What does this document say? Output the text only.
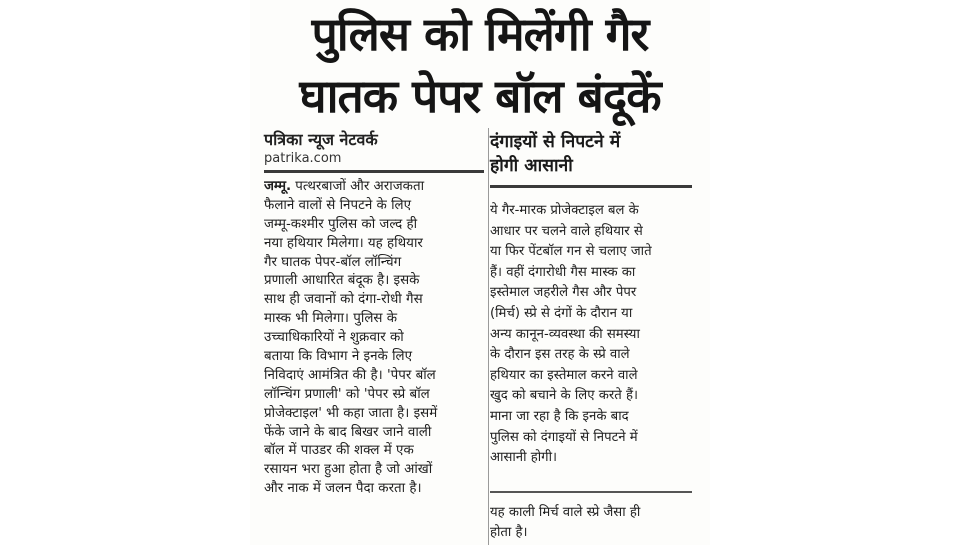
पुलिस को मिलेंगी गैर
घातक पेपर बॉल बंदूकें
पत्रिका न्यूज नेटवर्क
patrika.com
जम्मू. पत्थरबाजों और अराजकता
फैलाने वालों से निपटने के लिए
जम्मू-कश्मीर पुलिस को जल्द ही
नया हथियार मिलेगा। यह हथियार
गैर घातक पेपर-बॉल लॉन्चिंग
प्रणाली आधारित बंदूक है। इसके
साथ ही जवानों को दंगा-रोधी गैस
मास्क भी मिलेगा। पुलिस के
उच्चाधिकारियों ने शुक्रवार को
बताया कि विभाग ने इनके लिए
निविदाएं आमंत्रित की है। 'पेपर बॉल
लॉन्चिंग प्रणाली' को 'पेपर स्प्रे बॉल
प्रोजेक्टाइल' भी कहा जाता है। इसमें
फेंके जाने के बाद बिखर जाने वाली
बॉल में पाउडर की शक्ल में एक
रसायन भरा हुआ होता है जो आंखों
और नाक में जलन पैदा करता है।
दंगाइयों से निपटने में
होगी आसानी
ये गैर-मारक प्रोजेक्टाइल बल के
आधार पर चलने वाले हथियार से
या फिर पेंटबॉल गन से चलाए जाते
हैं। वहीं दंगारोधी गैस मास्क का
इस्तेमाल जहरीले गैस और पेपर
(मिर्च) स्प्रे से दंगों के दौरान या
अन्य कानून-व्यवस्था की समस्या
के दौरान इस तरह के स्प्रे वाले
हथियार का इस्तेमाल करने वाले
खुद को बचाने के लिए करते हैं।
माना जा रहा है कि इनके बाद
पुलिस को दंगाइयों से निपटने में
आसानी होगी।
यह काली मिर्च वाले स्प्रे जैसा ही
होता है।
